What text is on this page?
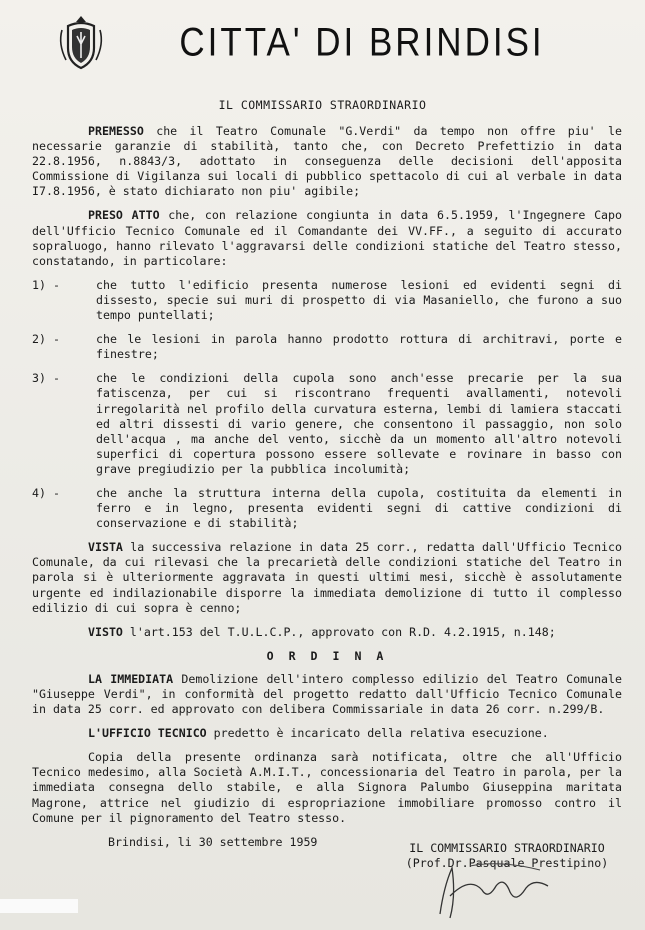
CITTA' DI BRINDISI
IL COMMISSARIO STRAORDINARIO

PREMESSO che il Teatro Comunale "G.Verdi" da tempo non offre piu' le necessarie garanzie di stabilità, tanto che, con Decreto Prefettizio in data 22.8.1956, n.8843/3, adottato in conseguenza delle decisioni dell'apposita Commissione di Vigilanza sui locali di pubblico spettacolo di cui al verbale in data I7.8.1956, è stato dichiarato non piu' agibile;

PRESO ATTO che, con relazione congiunta in data 6.5.1959, l'Ingegnere Capo dell'Ufficio Tecnico Comunale ed il Comandante dei VV.FF., a seguito di accurato sopraluogo, hanno rilevato l'aggravarsi delle condizioni statiche del Teatro stesso, constatando, in particolare:

1) -	che tutto l'edificio presenta numerose lesioni ed evidenti segni di dissesto, specie sui muri di prospetto di via Masaniello, che furono a suo tempo puntellati;
2) -	che le lesioni in parola hanno prodotto rottura di architravi, porte e finestre;
3) -	che le condizioni della cupola sono anch'esse precarie per la sua fatiscenza, per cui si riscontrano frequenti avallamenti, notevoli irregolarità nel profilo della curvatura esterna, lembi di lamiera staccati ed altri dissesti di vario genere, che consentono il passaggio, non solo dell'acqua , ma anche del vento, sicchè da un momento all'altro notevoli superfici di copertura possono essere sollevate e rovinare in basso con grave pregiudizio per la pubblica incolumità;
4) -	che anche la struttura interna della cupola, costituita da elementi in ferro e in legno, presenta evidenti segni di cattive condizioni di conservazione e di stabilità;

VISTA la successiva relazione in data 25 corr., redatta dall'Ufficio Tecnico Comunale, da cui rilevasi che la precarietà delle condizioni statiche del Teatro in parola si è ulteriormente aggravata in questi ultimi mesi, sicchè è assolutamente urgente ed indilazionabile disporre la immediata demolizione di tutto il complesso edilizio di cui sopra è cenno;

VISTO l'art.153 del T.U.L.C.P., approvato con R.D. 4.2.1915, n.148;

O R D I N A

LA IMMEDIATA Demolizione dell'intero complesso edilizio del Teatro Comunale "Giuseppe Verdi", in conformità del progetto redatto dall'Ufficio Tecnico Comunale in data 25 corr. ed approvato con delibera Commissariale in data 26 corr. n.299/B.

L'UFFICIO TECNICO predetto è incaricato della relativa esecuzione.

Copia della presente ordinanza sarà notificata, oltre che all'Ufficio Tecnico medesimo, alla Società A.M.I.T., concessionaria del Teatro in parola, per la immediata consegna dello stabile, e alla Signora Palumbo Giuseppina maritata Magrone, attrice nel giudizio di espropriazione immobiliare promosso contro il Comune per il pignoramento del Teatro stesso.

Brindisi, li 30 settembre 1959	IL COMMISSARIO STRAORDINARIO
(Prof.Dr.Pasquale Prestipino)
